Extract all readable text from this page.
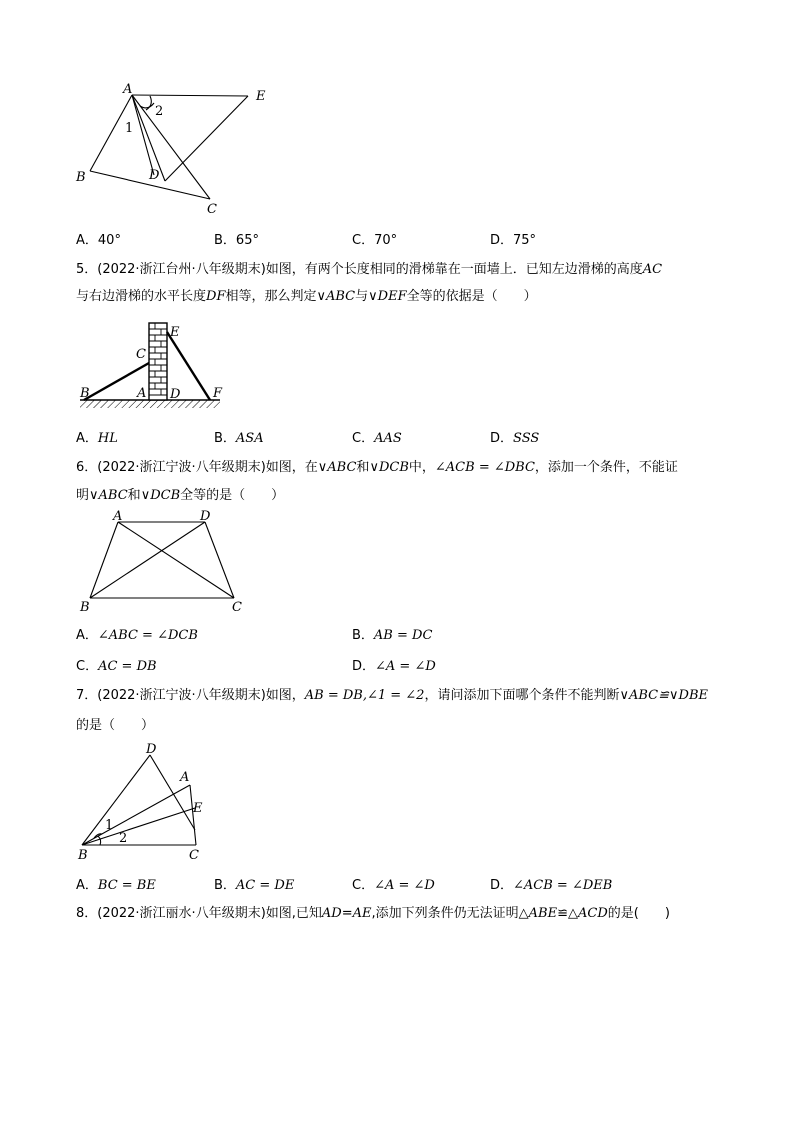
A	E
B	D
C
1
2
A．40°	B．65°	C．70°	D．75°
5．(2022·浙江台州·八年级期末)如图，有两个长度相同的滑梯靠在一面墙上．已知左边滑梯的高度AC
与右边滑梯的水平长度DF相等，那么判定∨ABC与∨DEF全等的依据是（　　）
E
C
B	A D	F
A．HL	B．ASA	C．AAS	D．SSS
6．(2022·浙江宁波·八年级期末)如图，在∨ABC和∨DCB中，∠ACB = ∠DBC，添加一个条件，不能证
明∨ABC和∨DCB全等的是（　　）
A	D
B	C
A．∠ABC = ∠DCB	B．AB = DC
C．AC = DB	D．∠A = ∠D
7．(2022·浙江宁波·八年级期末)如图，AB = DB,∠1 = ∠2，请问添加下面哪个条件不能判断∨ABC≌∨DBE
的是（　　）
D
A
E
B	C
1
2
A．BC = BE	B．AC = DE	C．∠A = ∠D	D．∠ACB = ∠DEB
8．(2022·浙江丽水·八年级期末)如图,已知AD=AE,添加下列条件仍无法证明△ABE≌△ACD的是(　　)
